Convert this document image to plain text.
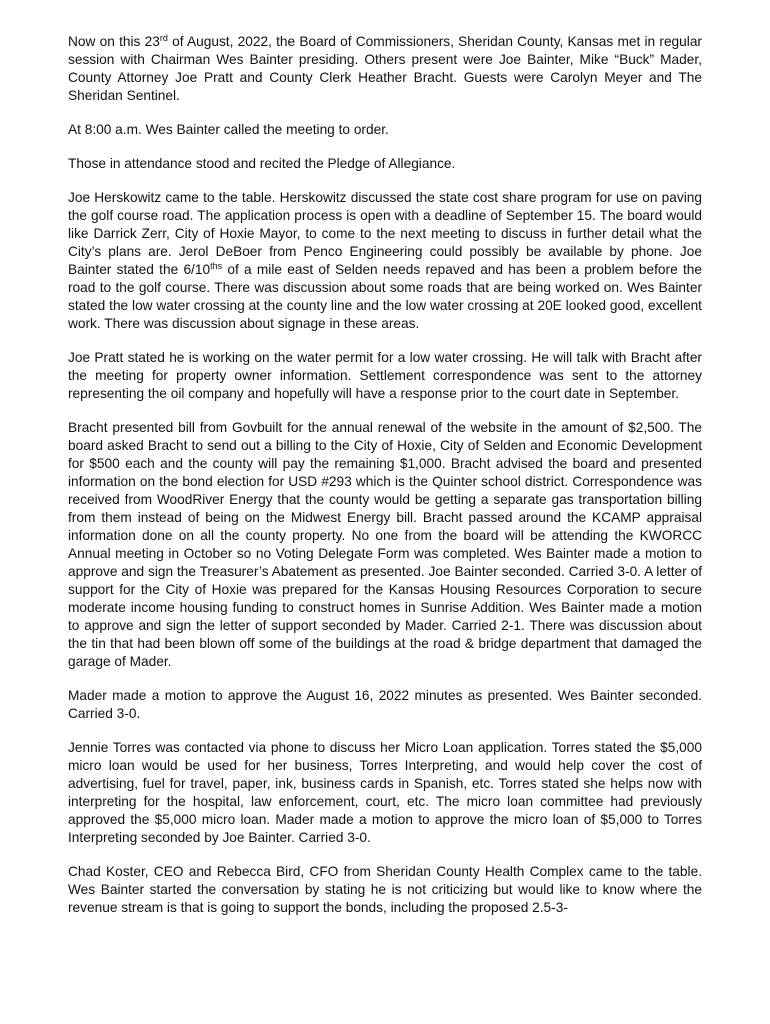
Now on this 23rd of August, 2022, the Board of Commissioners, Sheridan County, Kansas met in regular session with Chairman Wes Bainter presiding. Others present were Joe Bainter, Mike “Buck” Mader, County Attorney Joe Pratt and County Clerk Heather Bracht. Guests were Carolyn Meyer and The Sheridan Sentinel.

At 8:00 a.m. Wes Bainter called the meeting to order.

Those in attendance stood and recited the Pledge of Allegiance.

Joe Herskowitz came to the table. Herskowitz discussed the state cost share program for use on paving the golf course road. The application process is open with a deadline of September 15. The board would like Darrick Zerr, City of Hoxie Mayor, to come to the next meeting to discuss in further detail what the City’s plans are. Jerol DeBoer from Penco Engineering could possibly be available by phone. Joe Bainter stated the $6/10^{ths}$ of a mile east of Selden needs repaved and has been a problem before the road to the golf course. There was discussion about some roads that are being worked on. Wes Bainter stated the low water crossing at the county line and the low water crossing at 20E looked good, excellent work. There was discussion about signage in these areas.

Joe Pratt stated he is working on the water permit for a low water crossing. He will talk with Bracht after the meeting for property owner information. Settlement correspondence was sent to the attorney representing the oil company and hopefully will have a response prior to the court date in September.

Bracht presented bill from Govbuilt for the annual renewal of the website in the amount of $2,500. The board asked Bracht to send out a billing to the City of Hoxie, City of Selden and Economic Development for $500 each and the county will pay the remaining $1,000. Bracht advised the board and presented information on the bond election for USD #293 which is the Quinter school district. Correspondence was received from WoodRiver Energy that the county would be getting a separate gas transportation billing from them instead of being on the Midwest Energy bill. Bracht passed around the KCAMP appraisal information done on all the county property. No one from the board will be attending the KWORCC Annual meeting in October so no Voting Delegate Form was completed. Wes Bainter made a motion to approve and sign the Treasurer’s Abatement as presented. Joe Bainter seconded. Carried 3-0. A letter of support for the City of Hoxie was prepared for the Kansas Housing Resources Corporation to secure moderate income housing funding to construct homes in Sunrise Addition. Wes Bainter made a motion to approve and sign the letter of support seconded by Mader. Carried 2-1. There was discussion about the tin that had been blown off some of the buildings at the road & bridge department that damaged the garage of Mader.

Mader made a motion to approve the August 16, 2022 minutes as presented. Wes Bainter seconded. Carried 3-0.

Jennie Torres was contacted via phone to discuss her Micro Loan application. Torres stated the $5,000 micro loan would be used for her business, Torres Interpreting, and would help cover the cost of advertising, fuel for travel, paper, ink, business cards in Spanish, etc. Torres stated she helps now with interpreting for the hospital, law enforcement, court, etc. The micro loan committee had previously approved the $5,000 micro loan. Mader made a motion to approve the micro loan of $5,000 to Torres Interpreting seconded by Joe Bainter. Carried 3-0.

Chad Koster, CEO and Rebecca Bird, CFO from Sheridan County Health Complex came to the table. Wes Bainter started the conversation by stating he is not criticizing but would like to know where the revenue stream is that is going to support the bonds, including the proposed 2.5-3-
